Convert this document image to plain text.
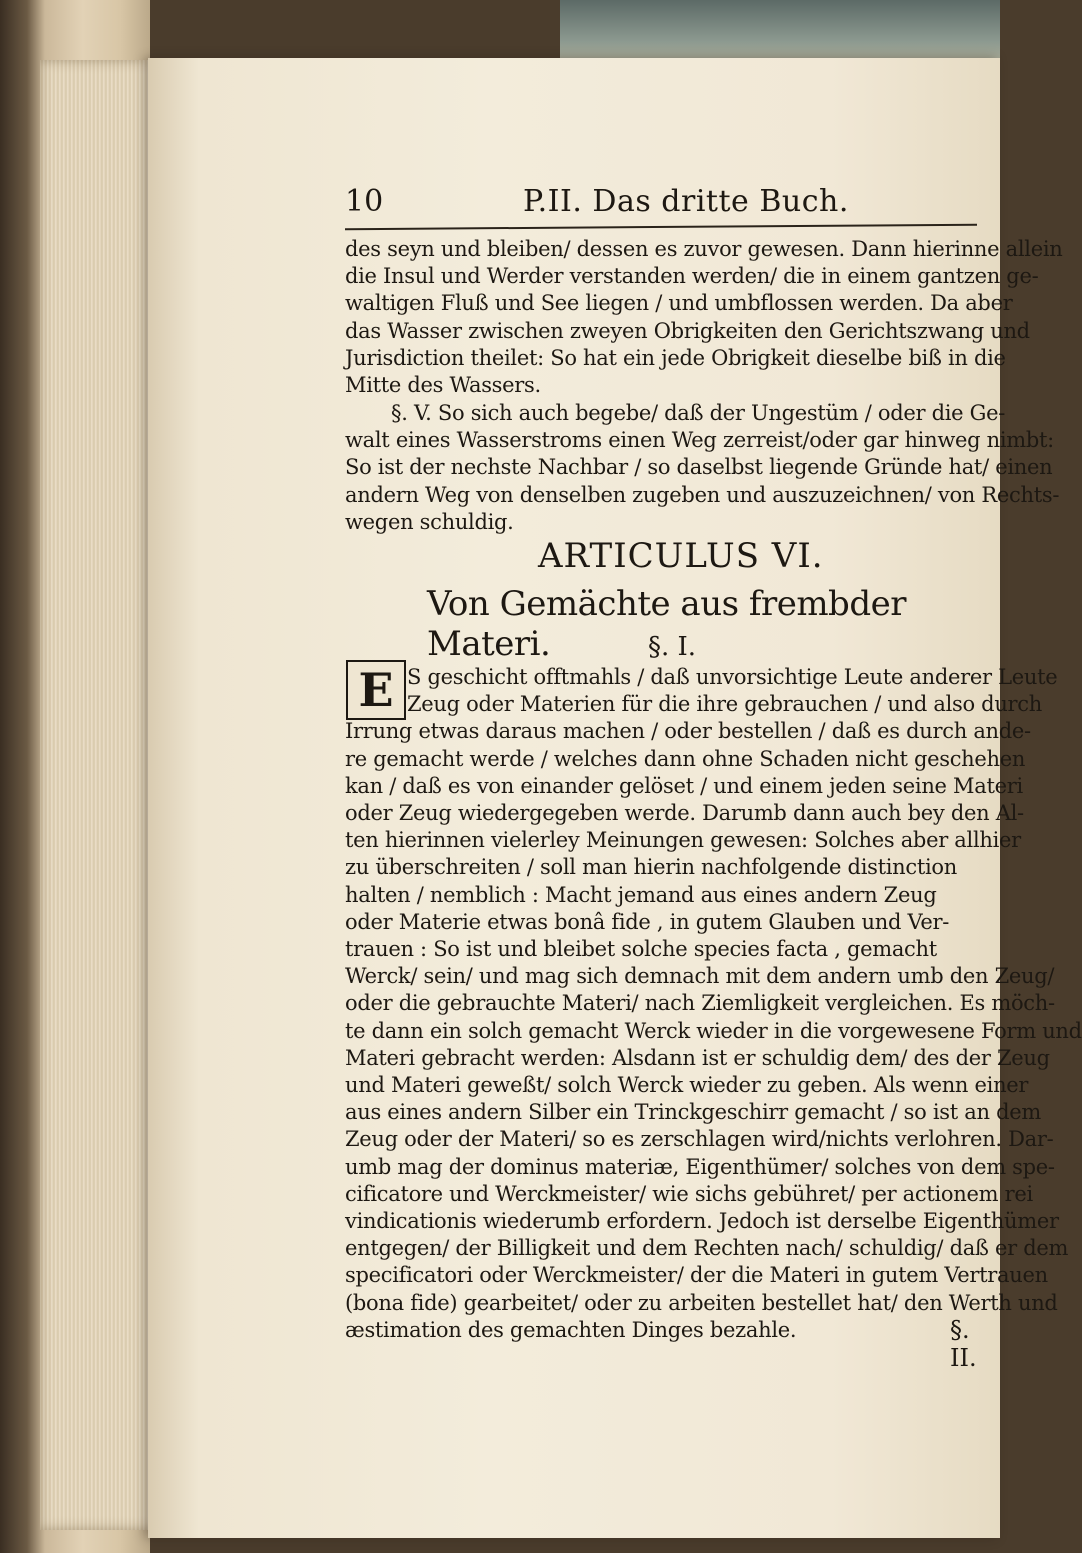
10	P.II. Das dritte Buch.
des seyn und bleiben/ dessen es zuvor gewesen. Dann hierinne allein
die Insul und Werder verstanden werden/ die in einem gantzen ge-
waltigen Fluß und See liegen / und umbflossen werden. Da aber
das Wasser zwischen zweyen Obrigkeiten den Gerichtszwang und
Jurisdiction theilet: So hat ein jede Obrigkeit dieselbe biß in die
Mitte des Wassers.
§. V. So sich auch begebe/ daß der Ungestüm / oder die Ge-
walt eines Wasserstroms einen Weg zerreist/oder gar hinweg nimbt:
So ist der nechste Nachbar / so daselbst liegende Gründe hat/ einen
andern Weg von denselben zugeben und auszuzeichnen/ von Rechts-
wegen schuldig.
ARTICULUS VI.
Von Gemächte aus frembder Materi.	§. I.
E S geschicht offtmahls / daß unvorsichtige Leute anderer Leute
Zeug oder Materien für die ihre gebrauchen / und also durch
Irrung etwas daraus machen / oder bestellen / daß es durch ande-
re gemacht werde / welches dann ohne Schaden nicht geschehen
kan / daß es von einander gelöset / und einem jeden seine Materi
oder Zeug wiedergegeben werde. Darumb dann auch bey den Al-
ten hierinnen vielerley Meinungen gewesen: Solches aber allhier
zu überschreiten / soll man hierin nachfolgende distinction
halten / nemblich : Macht jemand aus eines andern Zeug
oder Materie etwas bonâ fide , in gutem Glauben und Ver-
trauen : So ist und bleibet solche species facta , gemacht
Werck/ sein/ und mag sich demnach mit dem andern umb den Zeug/
oder die gebrauchte Materi/ nach Ziemligkeit vergleichen. Es möch-
te dann ein solch gemacht Werck wieder in die vorgewesene Form und
Materi gebracht werden: Alsdann ist er schuldig dem/ des der Zeug
und Materi geweßt/ solch Werck wieder zu geben. Als wenn einer
aus eines andern Silber ein Trinckgeschirr gemacht / so ist an dem
Zeug oder der Materi/ so es zerschlagen wird/nichts verlohren. Dar-
umb mag der dominus materiæ, Eigenthümer/ solches von dem spe-
cificatore und Werckmeister/ wie sichs gebühret/ per actionem rei
vindicationis wiederumb erfordern. Jedoch ist derselbe Eigenthümer
entgegen/ der Billigkeit und dem Rechten nach/ schuldig/ daß er dem
specificatori oder Werckmeister/ der die Materi in gutem Vertrauen
(bona fide) gearbeitet/ oder zu arbeiten bestellet hat/ den Werth und
æstimation des gemachten Dinges bezahle.	§. II.
